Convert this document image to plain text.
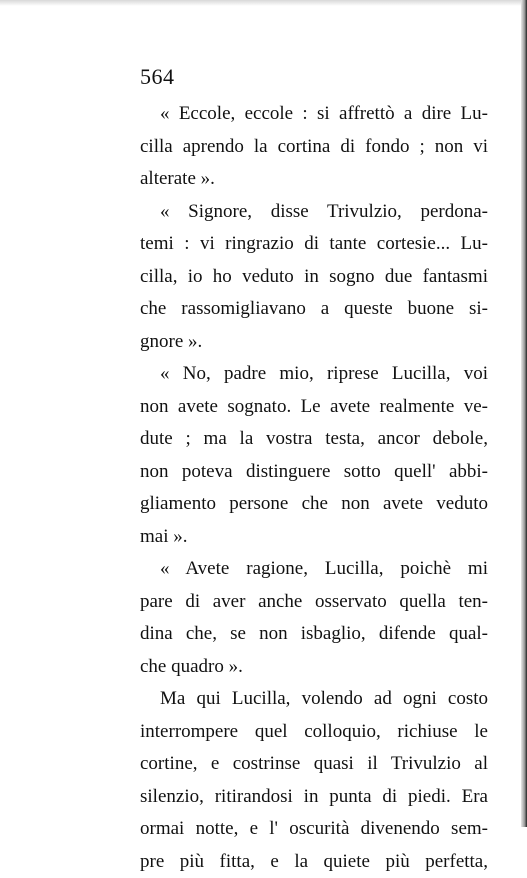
564
« Eccole, eccole : si affrettò a dire Lu-
cilla aprendo la cortina di fondo ; non vi
alterate ».
« Signore, disse Trivulzio, perdona-
temi : vi ringrazio di tante cortesie... Lu-
cilla, io ho veduto in sogno due fantasmi
che rassomigliavano a queste buone si-
gnore ».
« No, padre mio, riprese Lucilla, voi
non avete sognato. Le avete realmente ve-
dute ; ma la vostra testa, ancor debole,
non poteva distinguere sotto quell' abbi-
gliamento persone che non avete veduto
mai ».
« Avete ragione, Lucilla, poichè mi
pare di aver anche osservato quella ten-
dina che, se non isbaglio, difende qual-
che quadro ».
Ma qui Lucilla, volendo ad ogni costo
interrompere quel colloquio, richiuse le
cortine, e costrinse quasi il Trivulzio al
silenzio, ritirandosi in punta di piedi. Era
ormai notte, e l' oscurità divenendo sem-
pre più fitta, e la quiete più perfetta,
